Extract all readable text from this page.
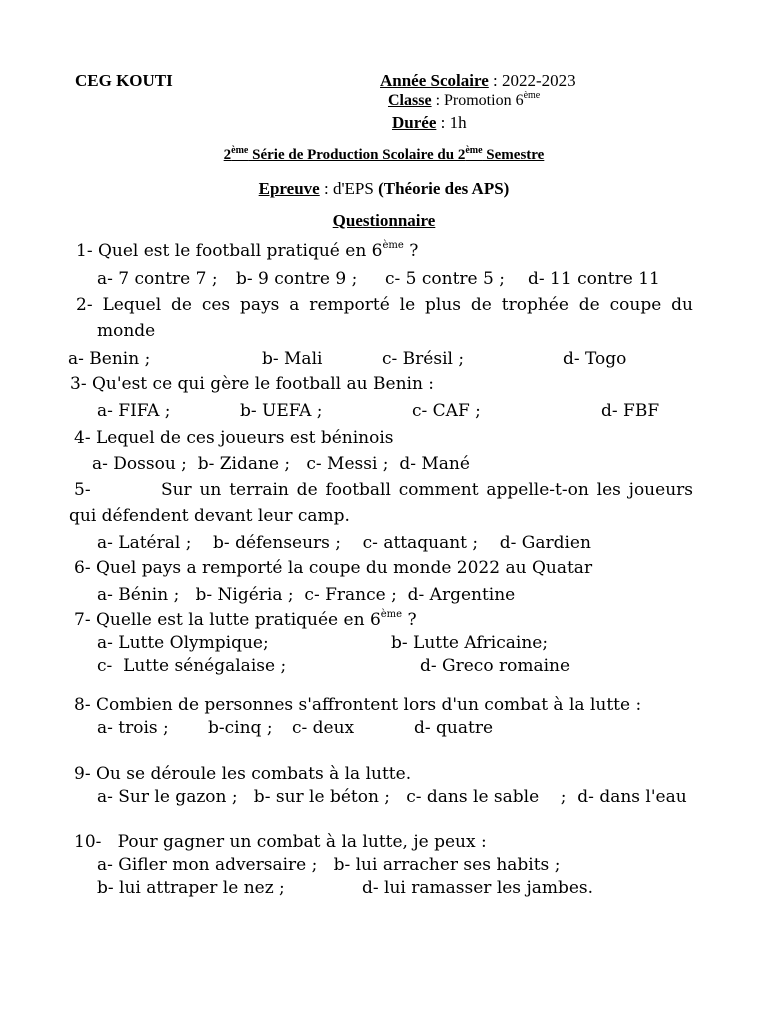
CEG KOUTI	Année Scolaire : 2022-2023
Classe : Promotion 6ème
Durée : 1h
2ème Série de Production Scolaire du 2ème Semestre
Epreuve : d'EPS (Théorie des APS)
Questionnaire
1- Quel est le football pratiqué en 6ème ?
a- 7 contre 7 ; b- 9 contre 9 ; c- 5 contre 5 ; d- 11 contre 11
2- Lequel de ces pays a remporté le plus de trophée de coupe du
monde
a- Benin ;	b- Mali	c- Brésil ;	d- Togo
3- Qu'est ce qui gère le football au Benin :
a- FIFA ;	b- UEFA ;	c- CAF ;	d- FBF
4- Lequel de ces joueurs est béninois
a- Dossou ;  b- Zidane ;   c- Messi ;  d- Mané
5-         Sur un terrain de football comment appelle-t-on les joueurs
qui défendent devant leur camp.
a- Latéral ;    b- défenseurs ;    c- attaquant ;    d- Gardien
6- Quel pays a remporté la coupe du monde 2022 au Quatar
a- Bénin ;   b- Nigéria ;  c- France ;  d- Argentine
7- Quelle est la lutte pratiquée en 6ème ?
a- Lutte Olympique;	b- Lutte Africaine;
c-  Lutte sénégalaise ;	d- Greco romaine
8- Combien de personnes s'affrontent lors d'un combat à la lutte :
a- trois ; b-cinq ; c- deux	d- quatre
9- Ou se déroule les combats à la lutte.
a- Sur le gazon ;   b- sur le béton ;   c- dans le sable    ;  d- dans l'eau
10-   Pour gagner un combat à la lutte, je peux :
a- Gifler mon adversaire ;   b- lui arracher ses habits ;
b- lui attraper le nez ;	d- lui ramasser les jambes.
